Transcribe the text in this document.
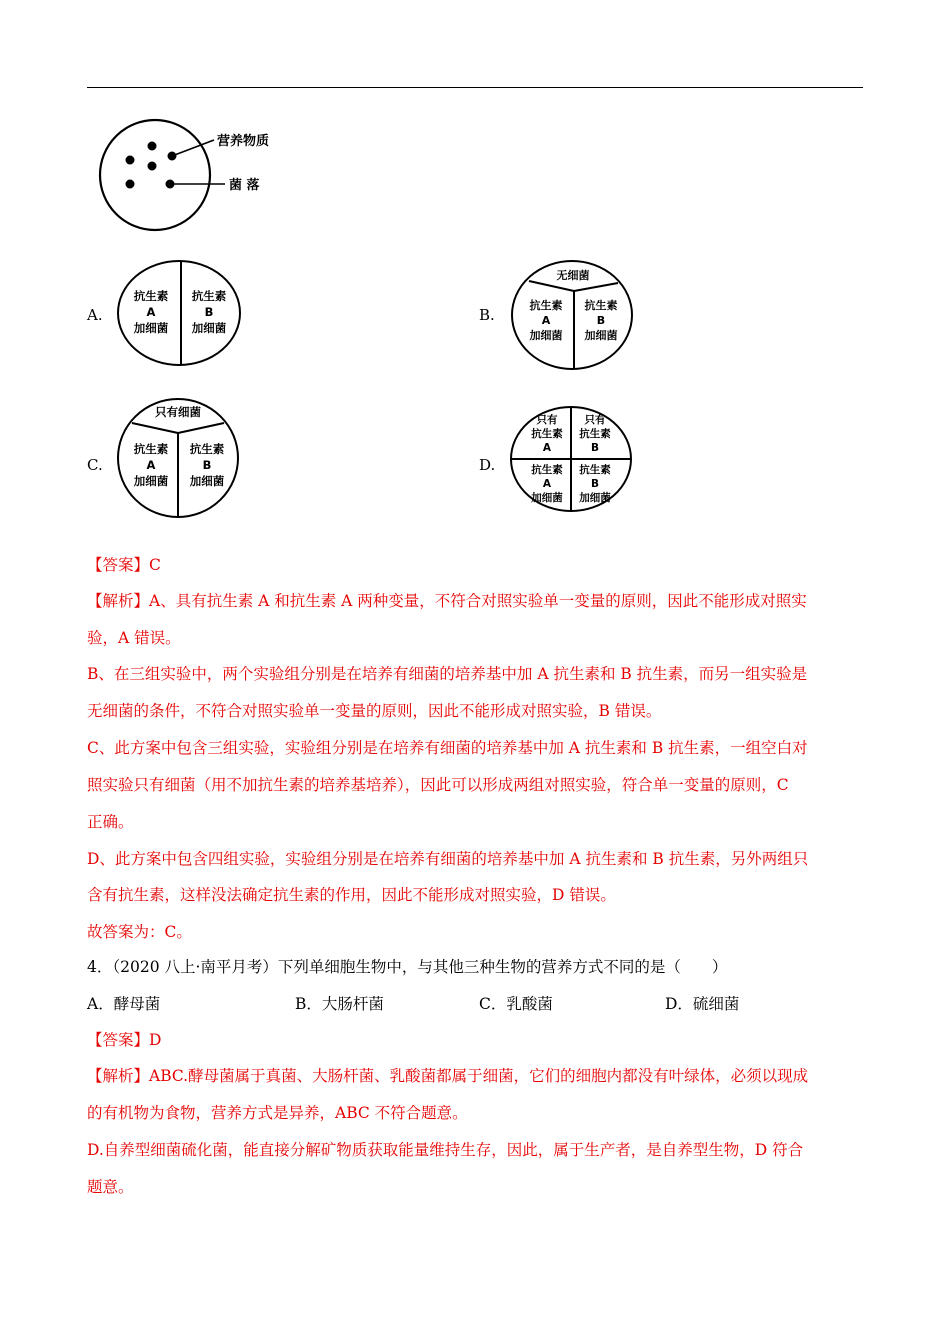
营养物质
菌 落
A.
抗生素
A
加细菌
抗生素
B
加细菌
B.
无细菌
抗生素
A
加细菌
抗生素
B
加细菌
C.
只有细菌
抗生素
A
加细菌
抗生素
B
加细菌
D.
只有
抗生素
A
只有
抗生素
B
抗生素
A
加细菌
抗生素
B
加细菌
【答案】C
【解析】A、具有抗生素 A 和抗生素 A 两种变量，不符合对照实验单一变量的原则，因此不能形成对照实
验，A 错误。
B、在三组实验中，两个实验组分别是在培养有细菌的培养基中加 A 抗生素和 B 抗生素，而另一组实验是
无细菌的条件，不符合对照实验单一变量的原则，因此不能形成对照实验，B 错误。
C、此方案中包含三组实验，实验组分别是在培养有细菌的培养基中加 A 抗生素和 B 抗生素，一组空白对
照实验只有细菌（用不加抗生素的培养基培养），因此可以形成两组对照实验，符合单一变量的原则，C
正确。
D、此方案中包含四组实验，实验组分别是在培养有细菌的培养基中加 A 抗生素和 B 抗生素，另外两组只
含有抗生素，这样没法确定抗生素的作用，因此不能形成对照实验，D 错误。
故答案为：C。
4．（2020 八上·南平月考）下列单细胞生物中，与其他三种生物的营养方式不同的是（　　）
A．酵母菌	B．大肠杆菌	C．乳酸菌	D．硫细菌
【答案】D
【解析】ABC.酵母菌属于真菌、大肠杆菌、乳酸菌都属于细菌，它们的细胞内都没有叶绿体，必须以现成
的有机物为食物，营养方式是异养，ABC 不符合题意。
D.自养型细菌硫化菌，能直接分解矿物质获取能量维持生存，因此，属于生产者，是自养型生物，D 符合
题意。
